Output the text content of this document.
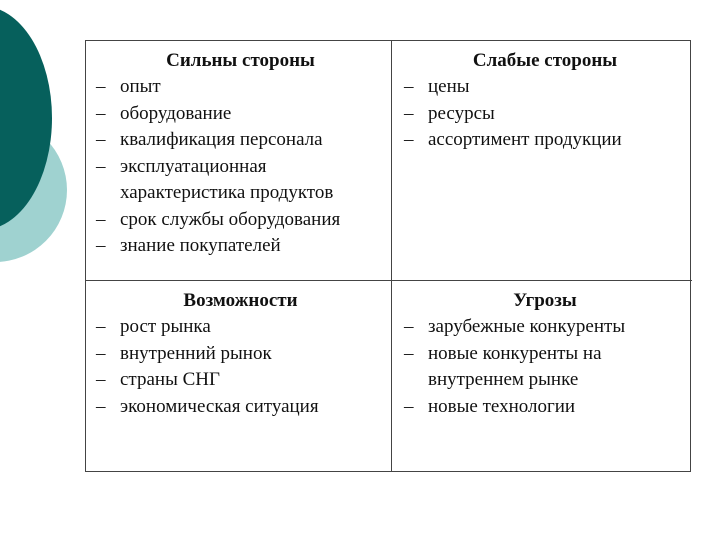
Сильны стороны
– опыт
– оборудование
– квалификация персонала
– эксплуатационная характеристика продуктов
– срок службы оборудования
– знание покупателей
Слабые стороны
– цены
– ресурсы
– ассортимент продукции
Возможности
– рост рынка
– внутренний рынок
– страны СНГ
– экономическая ситуация
Угрозы
– зарубежные конкуренты
– новые конкуренты на внутреннем рынке
– новые технологии
